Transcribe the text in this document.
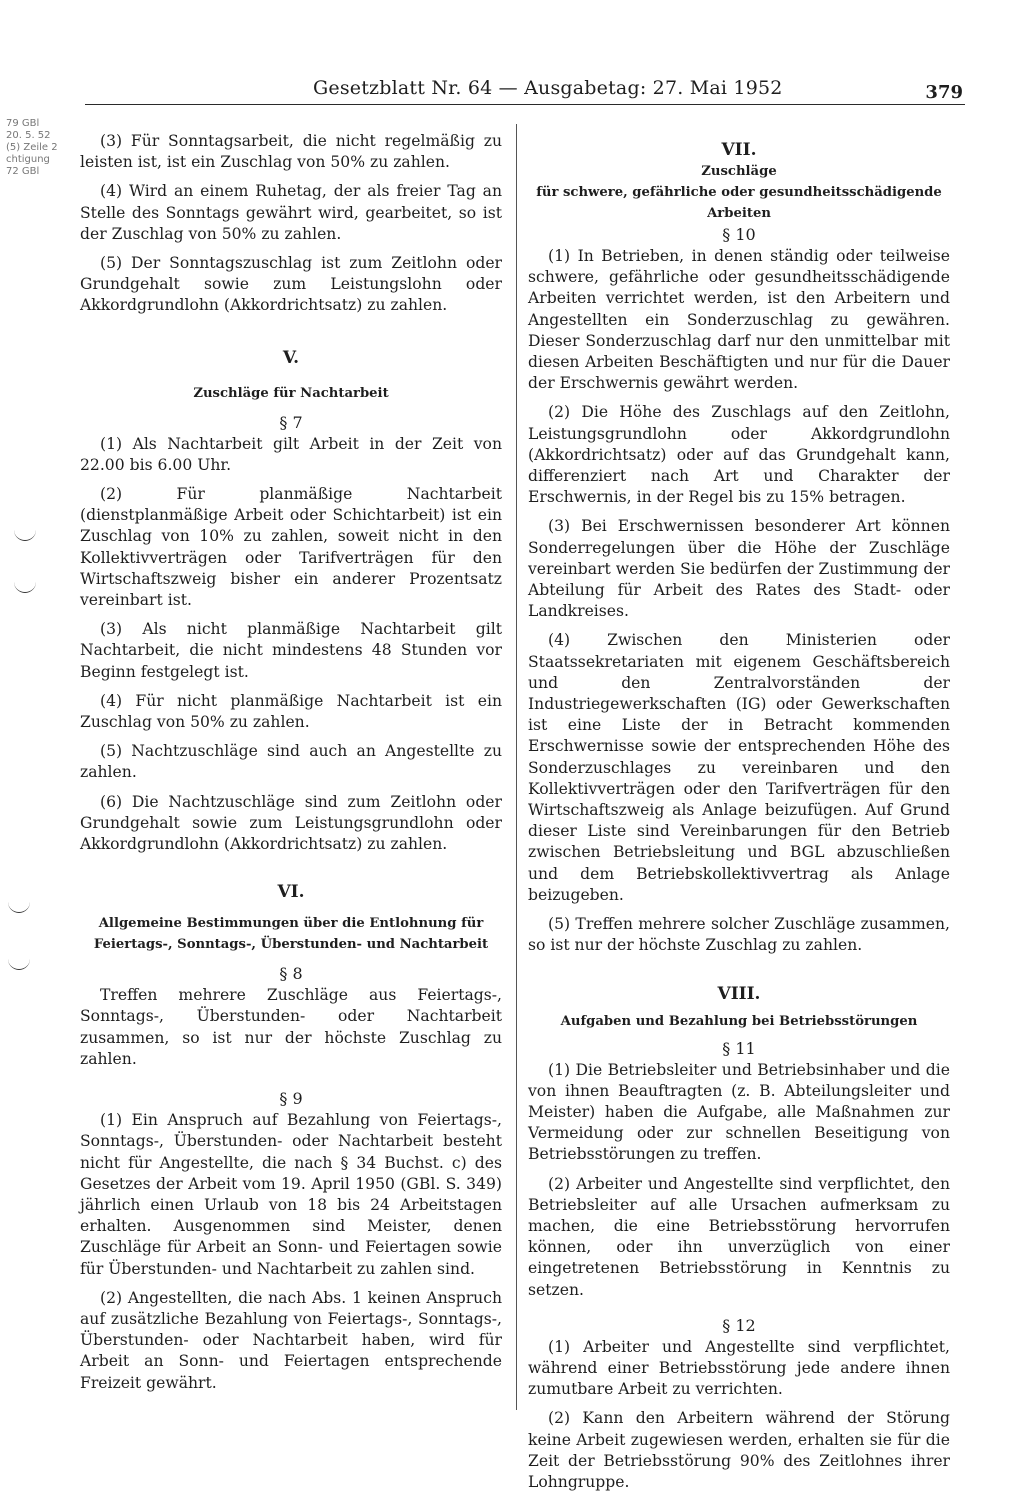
Gesetzblatt Nr. 64 — Ausgabetag: 27. Mai 1952	379
79 GBl
20. 5. 52
(5) Zeile 2
chtigung
72 GBl

(3) Für Sonntagsarbeit, die nicht regelmäßig zu leisten ist, ist ein Zuschlag von 50% zu zahlen.

(4) Wird an einem Ruhetag, der als freier Tag an Stelle des Sonntags gewährt wird, gearbeitet, so ist der Zuschlag von 50% zu zahlen.

(5) Der Sonntagszuschlag ist zum Zeitlohn oder Grundgehalt sowie zum Leistungslohn oder Akkordgrundlohn (Akkordrichtsatz) zu zahlen.

V.

Zuschläge für Nachtarbeit

§ 7

(1) Als Nachtarbeit gilt Arbeit in der Zeit von 22.00 bis 6.00 Uhr.

(2) Für planmäßige Nachtarbeit (dienstplanmäßige Arbeit oder Schichtarbeit) ist ein Zuschlag von 10% zu zahlen, soweit nicht in den Kollektivverträgen oder Tarifverträgen für den Wirtschaftszweig bisher ein anderer Prozentsatz vereinbart ist.

(3) Als nicht planmäßige Nachtarbeit gilt Nachtarbeit, die nicht mindestens 48 Stunden vor Beginn festgelegt ist.

(4) Für nicht planmäßige Nachtarbeit ist ein Zuschlag von 50% zu zahlen.

(5) Nachtzuschläge sind auch an Angestellte zu zahlen.

(6) Die Nachtzuschläge sind zum Zeitlohn oder Grundgehalt sowie zum Leistungsgrundlohn oder Akkordgrundlohn (Akkordrichtsatz) zu zahlen.

VI.

Allgemeine Bestimmungen über die Entlohnung für

Feiertags-, Sonntags-, Überstunden- und Nachtarbeit

§ 8

Treffen mehrere Zuschläge aus Feiertags-, Sonntags-, Überstunden- oder Nachtarbeit zusammen, so ist nur der höchste Zuschlag zu zahlen.

§ 9

(1) Ein Anspruch auf Bezahlung von Feiertags-, Sonntags-, Überstunden- oder Nachtarbeit besteht nicht für Angestellte, die nach § 34 Buchst. c) des Gesetzes der Arbeit vom 19. April 1950 (GBl. S. 349) jährlich einen Urlaub von 18 bis 24 Arbeitstagen erhalten. Ausgenommen sind Meister, denen Zuschläge für Arbeit an Sonn- und Feiertagen sowie für Überstunden- und Nachtarbeit zu zahlen sind.

(2) Angestellten, die nach Abs. 1 keinen Anspruch auf zusätzliche Bezahlung von Feiertags-, Sonntags-, Überstunden- oder Nachtarbeit haben, wird für Arbeit an Sonn- und Feiertagen entsprechende Freizeit gewährt.

VII.

Zuschläge

für schwere, gefährliche oder gesundheitsschädigende

Arbeiten

§ 10

(1) In Betrieben, in denen ständig oder teilweise schwere, gefährliche oder gesundheitsschädigende Arbeiten verrichtet werden, ist den Arbeitern und Angestellten ein Sonderzuschlag zu gewähren. Dieser Sonderzuschlag darf nur den unmittelbar mit diesen Arbeiten Beschäftigten und nur für die Dauer der Erschwernis gewährt werden.

(2) Die Höhe des Zuschlags auf den Zeitlohn, Leistungsgrundlohn oder Akkordgrundlohn (Akkordrichtsatz) oder auf das Grundgehalt kann, differenziert nach Art und Charakter der Erschwernis, in der Regel bis zu 15% betragen.

(3) Bei Erschwernissen besonderer Art können Sonderregelungen über die Höhe der Zuschläge vereinbart werden Sie bedürfen der Zustimmung der Abteilung für Arbeit des Rates des Stadt- oder Landkreises.

(4) Zwischen den Ministerien oder Staatssekretariaten mit eigenem Geschäftsbereich und den Zentralvorständen der Industriegewerkschaften (IG) oder Gewerkschaften ist eine Liste der in Betracht kommenden Erschwernisse sowie der entsprechenden Höhe des Sonderzuschlages zu vereinbaren und den Kollektivverträgen oder den Tarifverträgen für den Wirtschaftszweig als Anlage beizufügen. Auf Grund dieser Liste sind Vereinbarungen für den Betrieb zwischen Betriebsleitung und BGL abzuschließen und dem Betriebskollektivvertrag als Anlage beizugeben.

(5) Treffen mehrere solcher Zuschläge zusammen, so ist nur der höchste Zuschlag zu zahlen.

VIII.

Aufgaben und Bezahlung bei Betriebsstörungen

§ 11

(1) Die Betriebsleiter und Betriebsinhaber und die von ihnen Beauftragten (z. B. Abteilungsleiter und Meister) haben die Aufgabe, alle Maßnahmen zur Vermeidung oder zur schnellen Beseitigung von Betriebsstörungen zu treffen.

(2) Arbeiter und Angestellte sind verpflichtet, den Betriebsleiter auf alle Ursachen aufmerksam zu machen, die eine Betriebsstörung hervorrufen können, oder ihn unverzüglich von einer eingetretenen Betriebsstörung in Kenntnis zu setzen.

§ 12

(1) Arbeiter und Angestellte sind verpflichtet, während einer Betriebsstörung jede andere ihnen zumutbare Arbeit zu verrichten.

(2) Kann den Arbeitern während der Störung keine Arbeit zugewiesen werden, erhalten sie für die Zeit der Betriebsstörung 90% des Zeitlohnes ihrer Lohngruppe.
